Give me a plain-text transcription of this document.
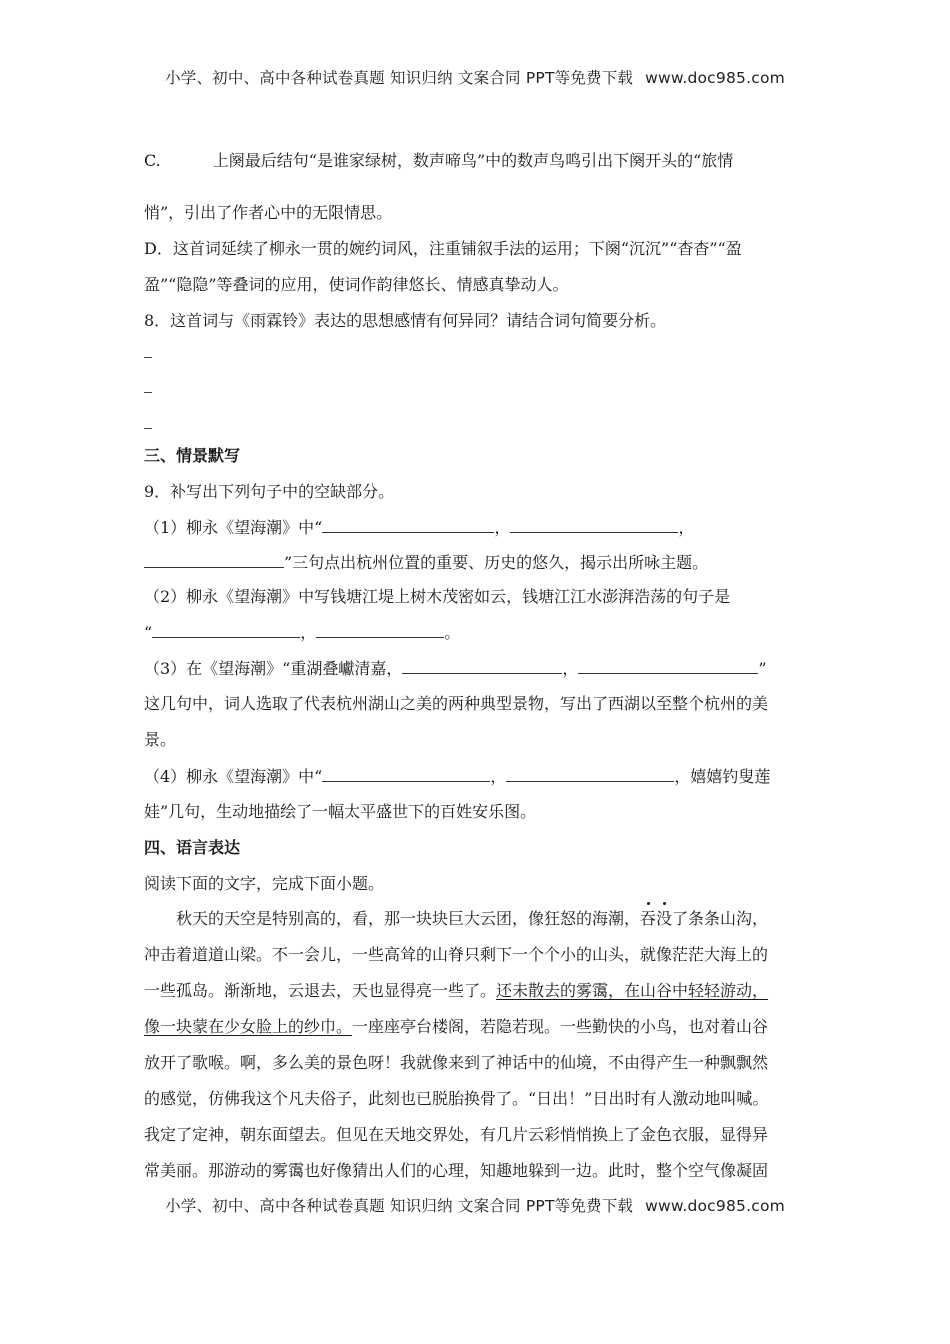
小学、初中、高中各种试卷真题 知识归纳 文案合同 PPT等免费下载 www.doc985.com
C.	上阕最后结句“是谁家绿树，数声啼鸟”中的数声鸟鸣引出下阕开头的“旅情
悄”，引出了作者心中的无限情思。
D．这首词延续了柳永一贯的婉约词风，注重铺叙手法的运用；下阕“沉沉”“杳杳”“盈
盈”“隐隐”等叠词的应用，使词作韵律悠长、情感真挚动人。
8．这首词与《雨霖铃》表达的思想感情有何异同？请结合词句简要分析。
三、情景默写
9．补写出下列句子中的空缺部分。
（1）柳永《望海潮》中“	，	，
”三句点出杭州位置的重要、历史的悠久，揭示出所咏主题。
（2）柳永《望海潮》中写钱塘江堤上树木茂密如云，钱塘江江水澎湃浩荡的句子是
“	，	。
（3）在《望海潮》“重湖叠巘清嘉，	，	”
这几句中，词人选取了代表杭州湖山之美的两种典型景物，写出了西湖以至整个杭州的美
景。
（4）柳永《望海潮》中“	，	，嬉嬉钓叟莲
娃”几句，生动地描绘了一幅太平盛世下的百姓安乐图。
四、语言表达
阅读下面的文字，完成下面小题。
秋天的天空是特别高的，看，那一块块巨大云团，像狂怒的海潮，吞没了条条山沟，
冲击着道道山梁。不一会儿，一些高耸的山脊只剩下一个个小的山头，就像茫茫大海上的
一些孤岛。渐渐地，云退去，天也显得亮一些了。还未散去的雾霭，在山谷中轻轻游动，
像一块蒙在少女脸上的纱巾。一座座亭台楼阁，若隐若现。一些勤快的小鸟，也对着山谷
放开了歌喉。啊，多么美的景色呀！我就像来到了神话中的仙境，不由得产生一种飘飘然
的感觉，仿佛我这个凡夫俗子，此刻也已脱胎换骨了。“日出！”日出时有人激动地叫喊。
我定了定神，朝东面望去。但见在天地交界处，有几片云彩悄悄换上了金色衣服，显得异
常美丽。那游动的雾霭也好像猜出人们的心理，知趣地躲到一边。此时，整个空气像凝固
小学、初中、高中各种试卷真题 知识归纳 文案合同 PPT等免费下载 www.doc985.com
